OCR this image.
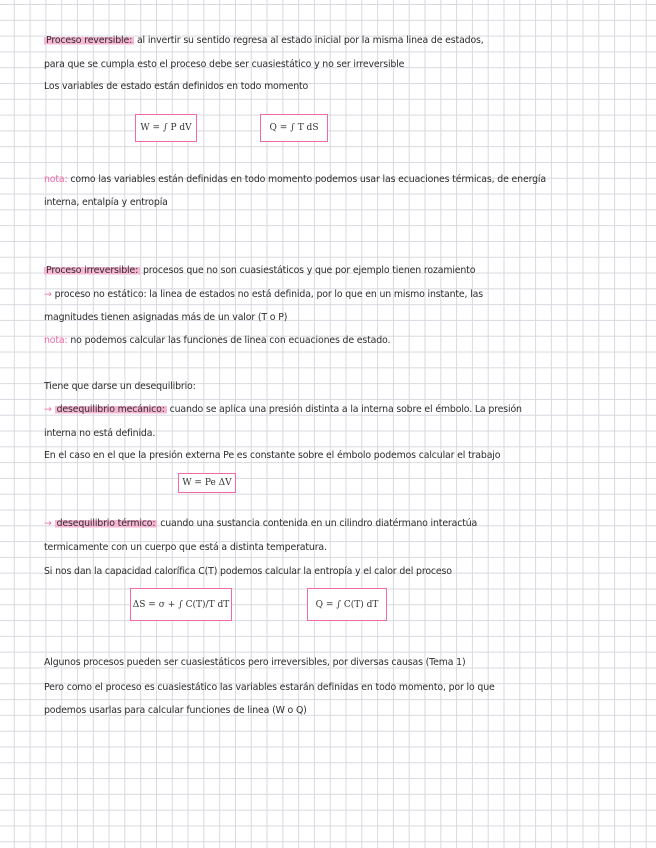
Proceso reversible: al invertir su sentido regresa al estado inicial por la misma linea de estados,
para que se cumpla esto el proceso debe ser cuasiestático y no ser irreversible
Los variables de estado están definidos en todo momento
W = ∫ P dV	Q = ∫ T dS
nota: como las variables están definidas en todo momento podemos usar las ecuaciones térmicas, de energía
interna, entalpía y entropía
Proceso irreversible: procesos que no son cuasiestáticos y que por ejemplo tienen rozamiento
→ proceso no estático: la linea de estados no está definida, por lo que en un mismo instante, las
magnitudes tienen asignadas más de un valor (T o P)
nota: no podemos calcular las funciones de linea con ecuaciones de estado.
Tiene que darse un desequilibrio:
→ desequilibrio mecánico: cuando se aplica una presión distinta a la interna sobre el émbolo. La presión
interna no está definida.
En el caso en el que la presión externa Pe es constante sobre el émbolo podemos calcular el trabajo
W = Pe ΔV
→ desequilibrio térmico: cuando una sustancia contenida en un cilindro diatérmano interactúa
termicamente con un cuerpo que está a distinta temperatura.
Si nos dan la capacidad calorífica C(T) podemos calcular la entropía y el calor del proceso
ΔS = σ + ∫ C(T)/T dT	Q = ∫ C(T) dT
Algunos procesos pueden ser cuasiestáticos pero irreversibles, por diversas causas (Tema 1)
Pero como el proceso es cuasiestático las variables estarán definidas en todo momento, por lo que
podemos usarlas para calcular funciones de linea (W o Q)
